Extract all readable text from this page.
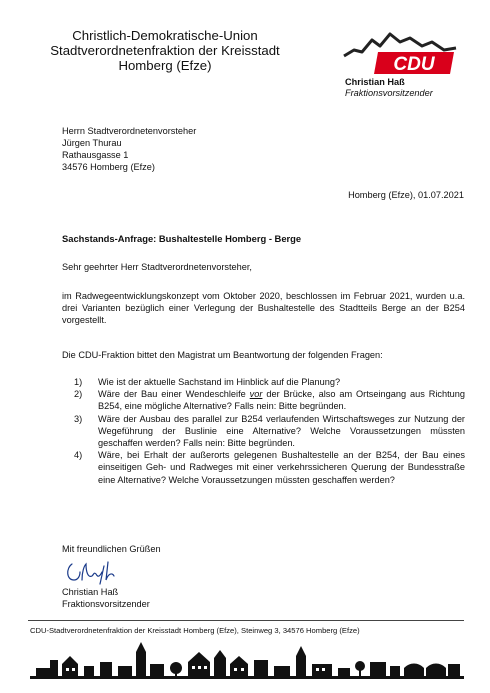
Christlich-Demokratische-Union
Stadtverordnetenfraktion der Kreisstadt
Homberg (Efze)	CDU
Christian Haß
Fraktionsvorsitzender
Herrn Stadtverordnetenvorsteher
Jürgen Thurau
Rathausgasse 1
34576 Homberg (Efze)
Homberg (Efze), 01.07.2021
Sachstands-Anfrage: Bushaltestelle Homberg - Berge
Sehr geehrter Herr Stadtverordnetenvorsteher,
im Radwegeentwicklungskonzept vom Oktober 2020, beschlossen im Februar 2021, wurden u.a. drei Varianten bezüglich einer Verlegung der Bushaltestelle des Stadtteils Berge an der B254 vorgestellt.
Die CDU-Fraktion bittet den Magistrat um Beantwortung der folgenden Fragen:
1) Wie ist der aktuelle Sachstand im Hinblick auf die Planung?
2) Wäre der Bau einer Wendeschleife vor der Brücke, also am Ortseingang aus Richtung B254, eine mögliche Alternative? Falls nein: Bitte begründen.
3) Wäre der Ausbau des parallel zur B254 verlaufenden Wirtschaftsweges zur Nutzung der Wegeführung der Buslinie eine Alternative? Welche Voraussetzungen müssten geschaffen werden? Falls nein: Bitte begründen.
4) Wäre, bei Erhalt der außerorts gelegenen Bushaltestelle an der B254, der Bau eines einseitigen Geh- und Radweges mit einer verkehrssicheren Querung der Bundesstraße eine Alternative? Welche Voraussetzungen müssten geschaffen werden?
Mit freundlichen Grüßen
Christian Haß
Fraktionsvorsitzender
CDU-Stadtverordnetenfraktion der Kreisstadt Homberg (Efze), Steinweg 3, 34576 Homberg (Efze)
